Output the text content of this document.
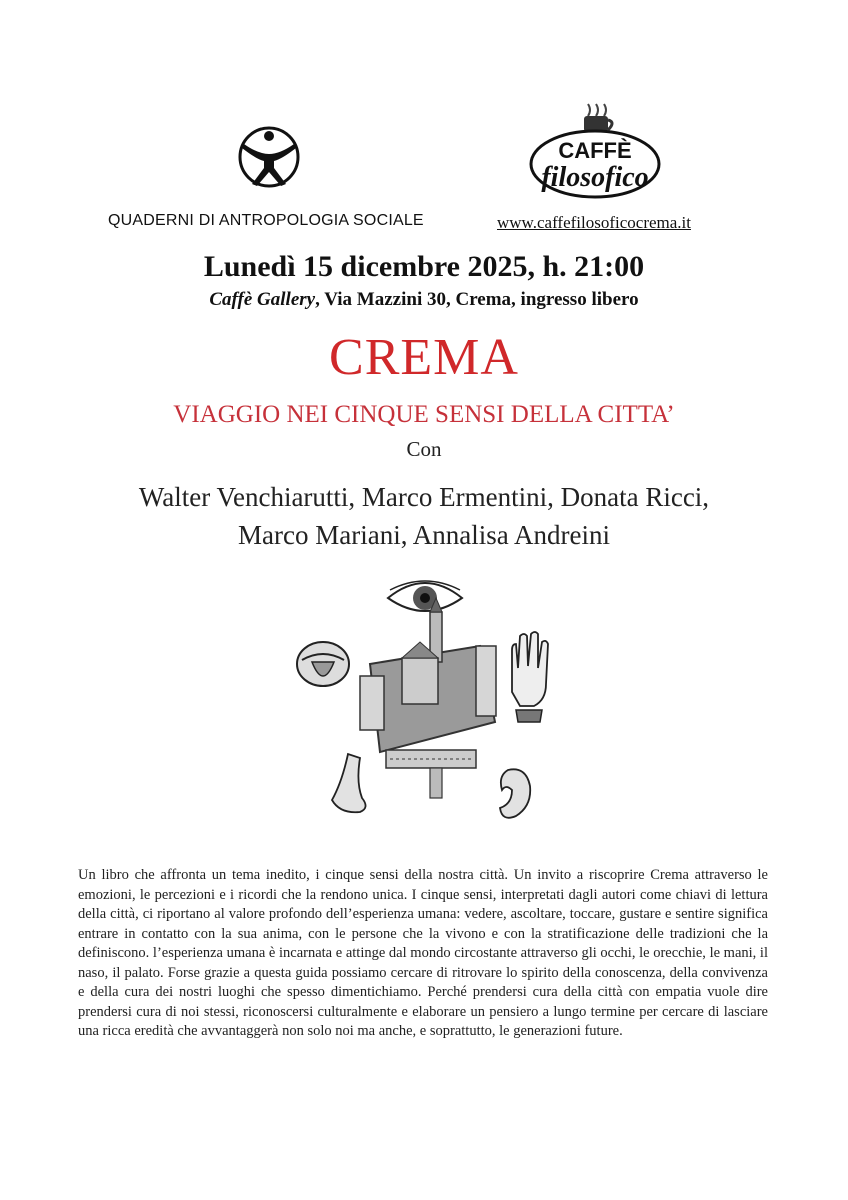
CAFFÈ
filosofico
QUADERNI DI ANTROPOLOGIA SOCIALE	www.caffefilosoficocrema.it
Lunedì 15 dicembre 2025, h. 21:00
Caffè Gallery, Via Mazzini 30, Crema, ingresso libero
CREMA
VIAGGIO NEI CINQUE SENSI DELLA CITTA’
Con
Walter Venchiarutti, Marco Ermentini, Donata Ricci,
Marco Mariani, Annalisa Andreini
Un libro che affronta un tema inedito, i cinque sensi della nostra città. Un invito a riscoprire Crema attraverso le emozioni, le percezioni e i ricordi che la rendono unica. I cinque sensi, interpretati dagli autori come chiavi di lettura della città, ci riportano al valore profondo dell’esperienza umana: vedere, ascoltare, toccare, gustare e sentire significa entrare in contatto con la sua anima, con le persone che la vivono e con la stratificazione delle tradizioni che la definiscono. l’esperienza umana è incarnata e attinge dal mondo circostante attraverso gli occhi, le orecchie, le mani, il naso, il palato. Forse grazie a questa guida possiamo cercare di ritrovare lo spirito della conoscenza, della convivenza e della cura dei nostri luoghi che spesso dimentichiamo. Perché prendersi cura della città con empatia vuole dire prendersi cura di noi stessi, riconoscersi culturalmente e elaborare un pensiero a lungo termine per cercare di lasciare una ricca eredità che avvantaggerà non solo noi ma anche, e soprattutto, le generazioni future.
